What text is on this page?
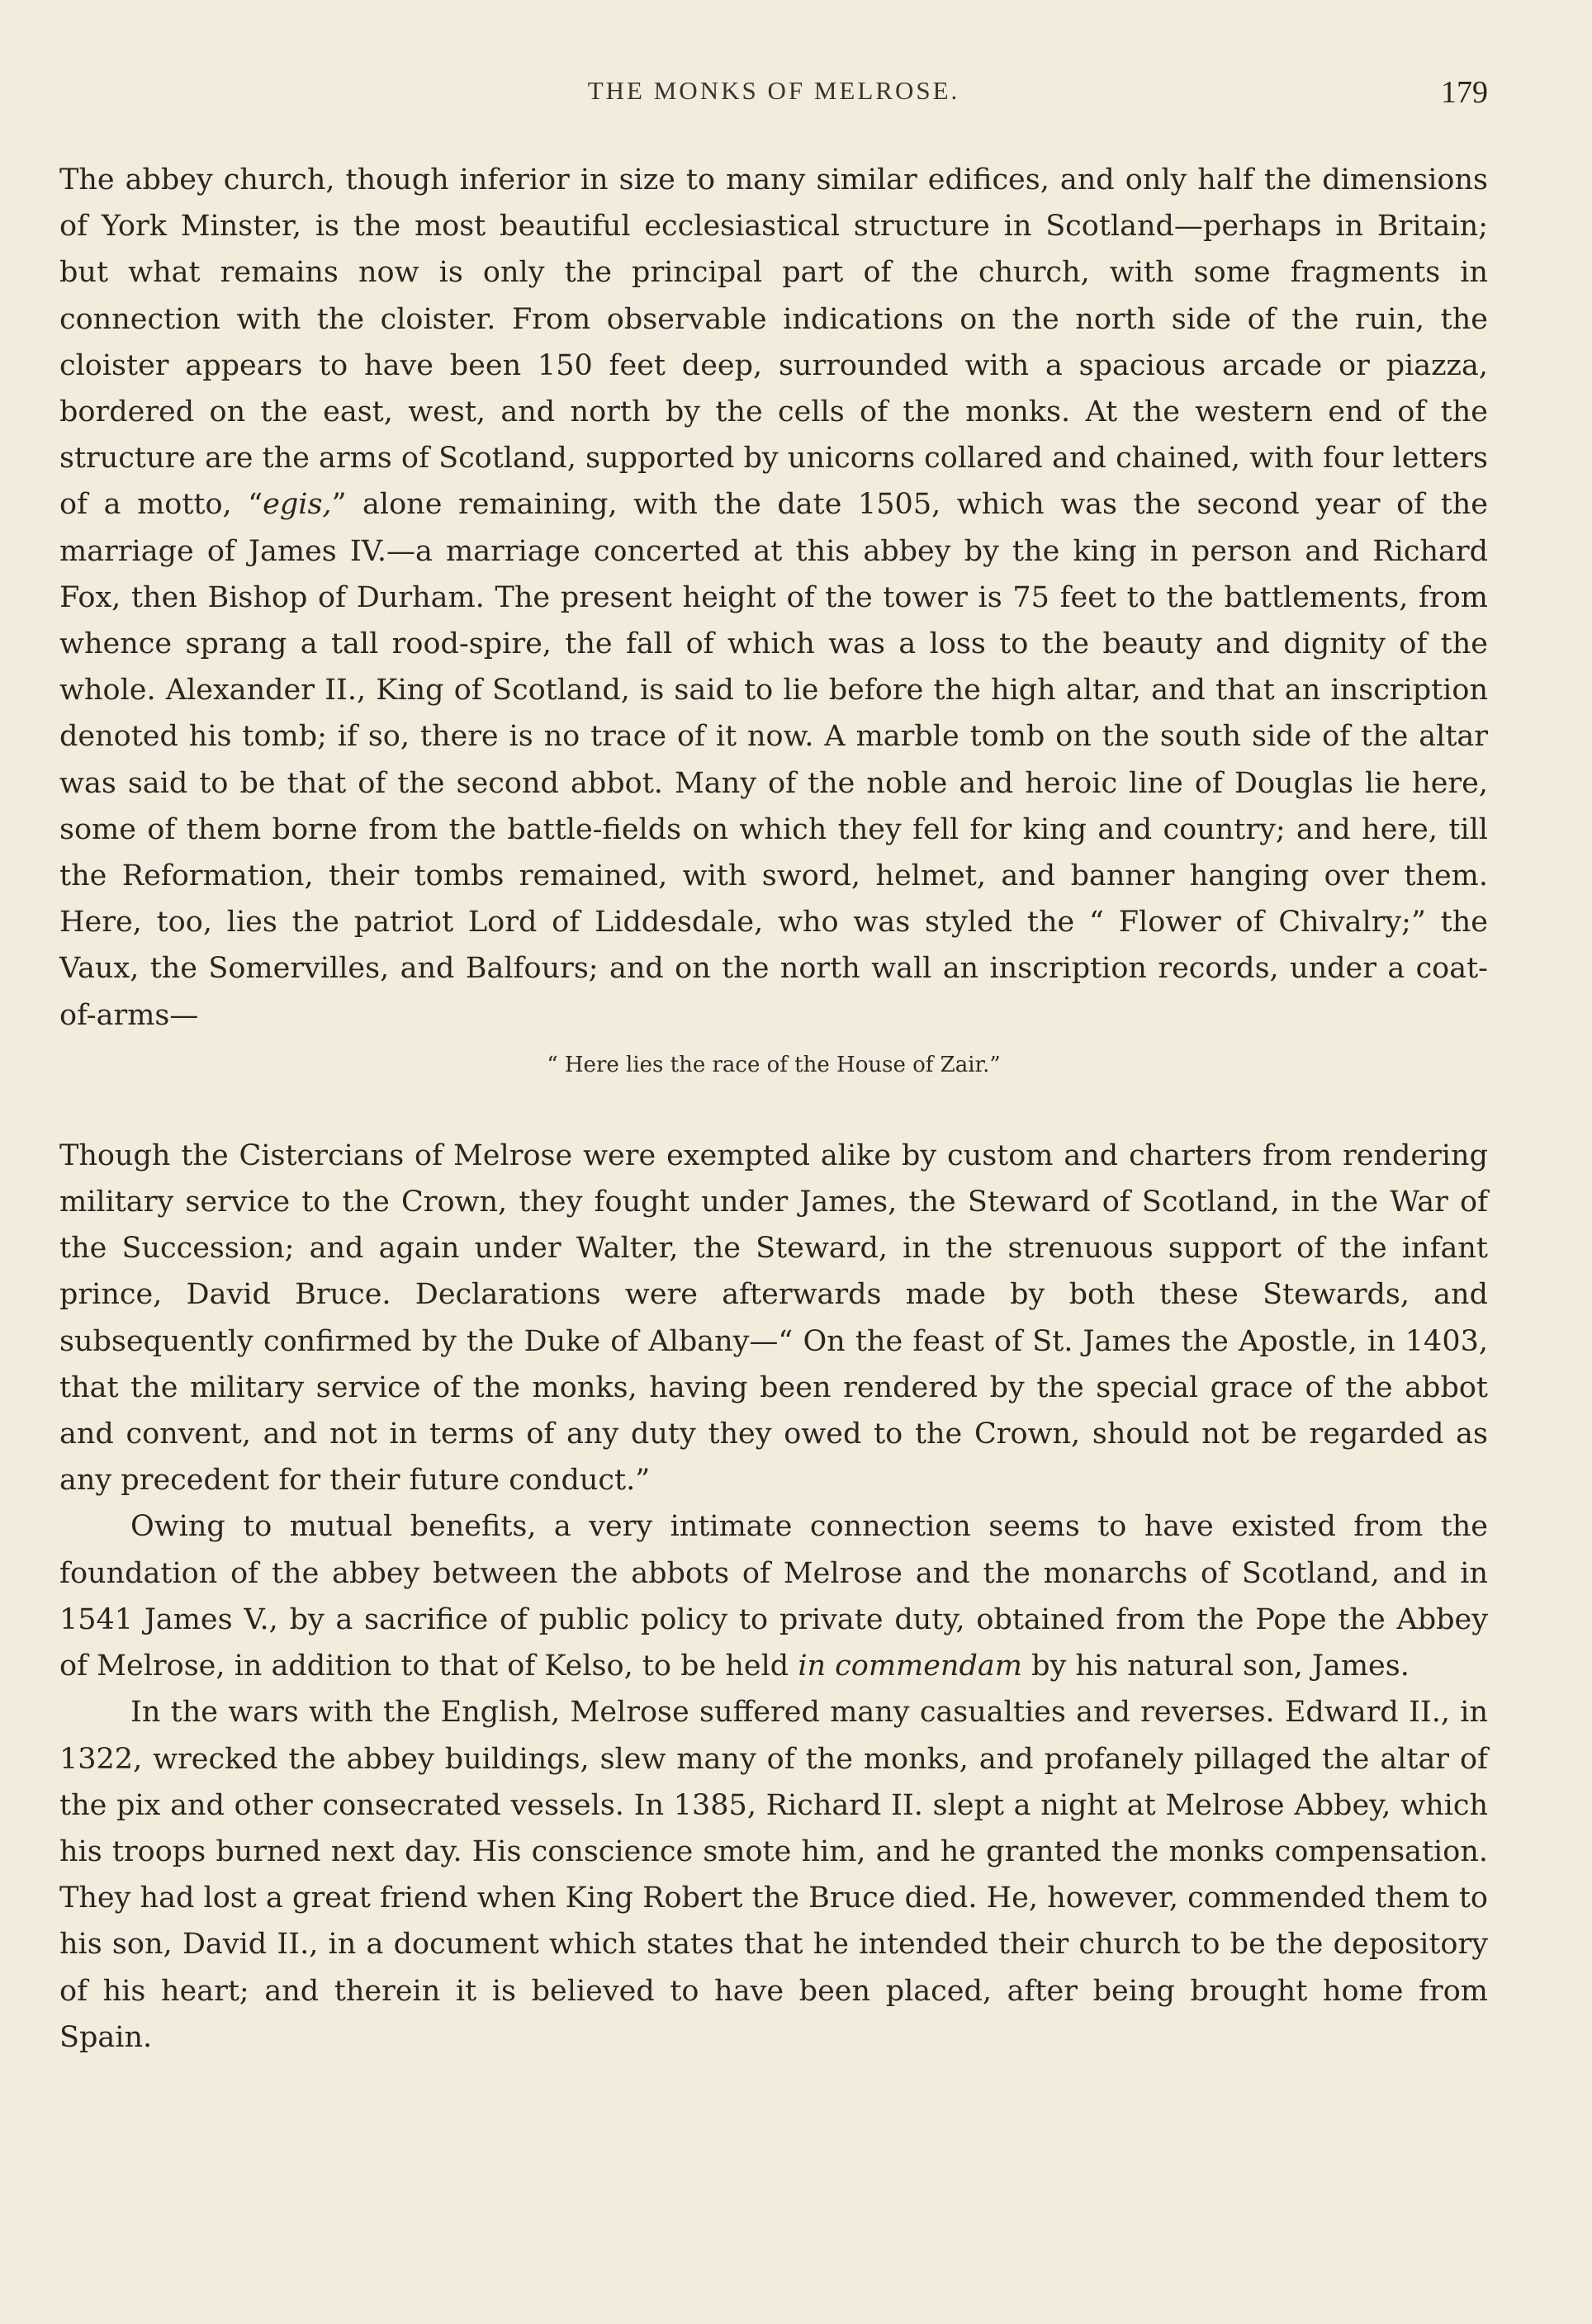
THE MONKS OF MELROSE.	179

The abbey church, though inferior in size to many similar edifices, and only half the dimensions of York Minster, is the most beautiful ecclesiastical structure in Scotland—perhaps in Britain; but what remains now is only the principal part of the church, with some fragments in connection with the cloister. From observable indications on the north side of the ruin, the cloister appears to have been 150 feet deep, surrounded with a spacious arcade or piazza, bordered on the east, west, and north by the cells of the monks. At the western end of the structure are the arms of Scotland, supported by unicorns collared and chained, with four letters of a motto, “egis,” alone remaining, with the date 1505, which was the second year of the marriage of James IV.—a marriage concerted at this abbey by the king in person and Richard Fox, then Bishop of Durham. The present height of the tower is 75 feet to the battlements, from whence sprang a tall rood-spire, the fall of which was a loss to the beauty and dignity of the whole. Alexander II., King of Scotland, is said to lie before the high altar, and that an inscription denoted his tomb; if so, there is no trace of it now. A marble tomb on the south side of the altar was said to be that of the second abbot. Many of the noble and heroic line of Douglas lie here, some of them borne from the battle-fields on which they fell for king and country; and here, till the Reformation, their tombs remained, with sword, helmet, and banner hanging over them. Here, too, lies the patriot Lord of Liddesdale, who was styled the “ Flower of Chivalry;” the Vaux, the Somervilles, and Balfours; and on the north wall an inscription records, under a coat-of-arms—

“ Here lies the race of the House of Zair.”

Though the Cistercians of Melrose were exempted alike by custom and charters from rendering military service to the Crown, they fought under James, the Steward of Scotland, in the War of the Succession; and again under Walter, the Steward, in the strenuous support of the infant prince, David Bruce. Declarations were afterwards made by both these Stewards, and subsequently confirmed by the Duke of Albany—“ On the feast of St. James the Apostle, in 1403, that the military service of the monks, having been rendered by the special grace of the abbot and convent, and not in terms of any duty they owed to the Crown, should not be regarded as any precedent for their future conduct.”

Owing to mutual benefits, a very intimate connection seems to have existed from the foundation of the abbey between the abbots of Melrose and the monarchs of Scotland, and in 1541 James V., by a sacrifice of public policy to private duty, obtained from the Pope the Abbey of Melrose, in addition to that of Kelso, to be held in commendam by his natural son, James.

In the wars with the English, Melrose suffered many casualties and reverses. Edward II., in 1322, wrecked the abbey buildings, slew many of the monks, and profanely pillaged the altar of the pix and other consecrated vessels. In 1385, Richard II. slept a night at Melrose Abbey, which his troops burned next day. His conscience smote him, and he granted the monks compensation. They had lost a great friend when King Robert the Bruce died. He, however, commended them to his son, David II., in a document which states that he intended their church to be the depository of his heart; and therein it is believed to have been placed, after being brought home from Spain.
